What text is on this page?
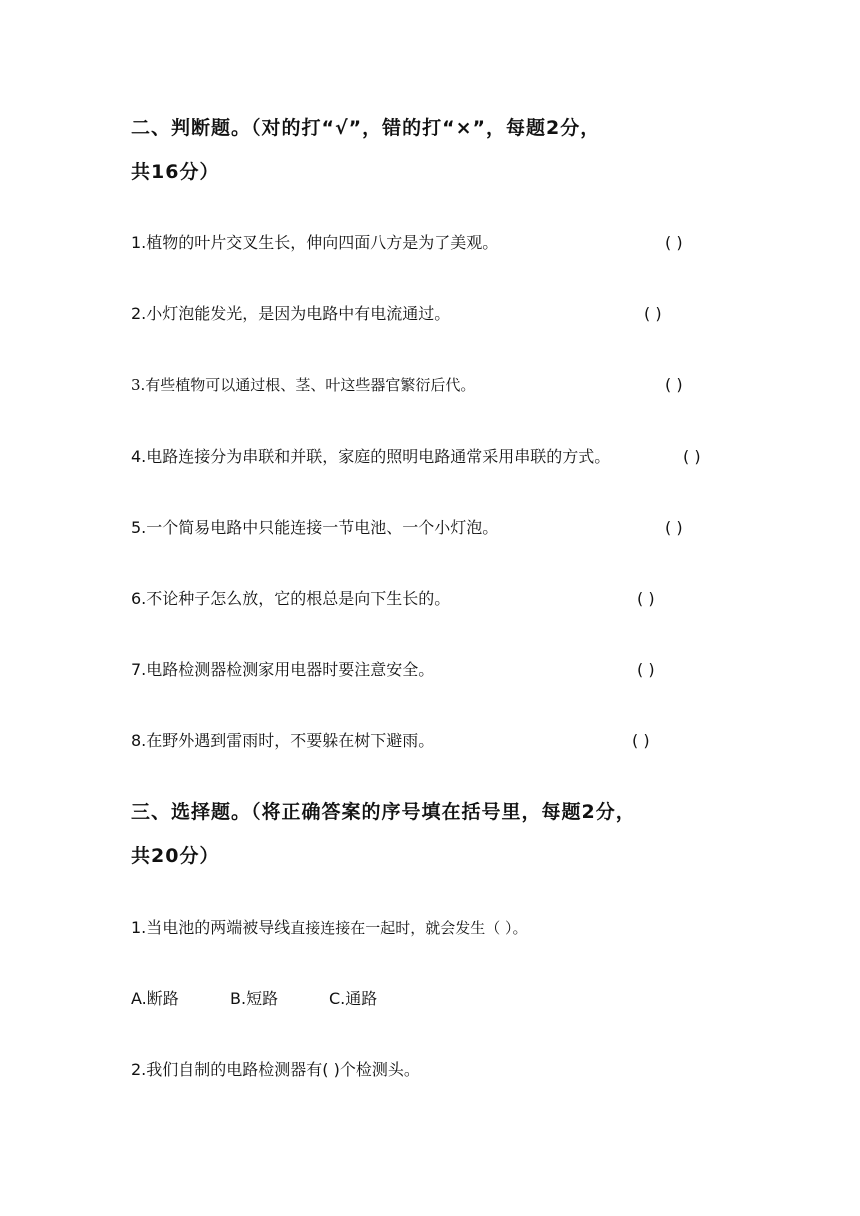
二、判断题。（对的打“√”，错的打“×”，每题2分，
共16分）
1.植物的叶片交叉生长，伸向四面八方是为了美观。	( )
2.小灯泡能发光，是因为电路中有电流通过。	( )
3.有些植物可以通过根、茎、叶这些器官繁衍后代。	( )
4.电路连接分为串联和并联，家庭的照明电路通常采用串联的方式。	( )
5.一个简易电路中只能连接一节电池、一个小灯泡。	( )
6.不论种子怎么放，它的根总是向下生长的。	( )
7.电路检测器检测家用电器时要注意安全。	( )
8.在野外遇到雷雨时，不要躲在树下避雨。	( )
三、选择题。（将正确答案的序号填在括号里，每题2分，
共20分）
1.当电池的两端被导线直接连接在一起时，就会发生（ ）。
A.断路	B.短路	C.通路
2.我们自制的电路检测器有( )个检测头。
